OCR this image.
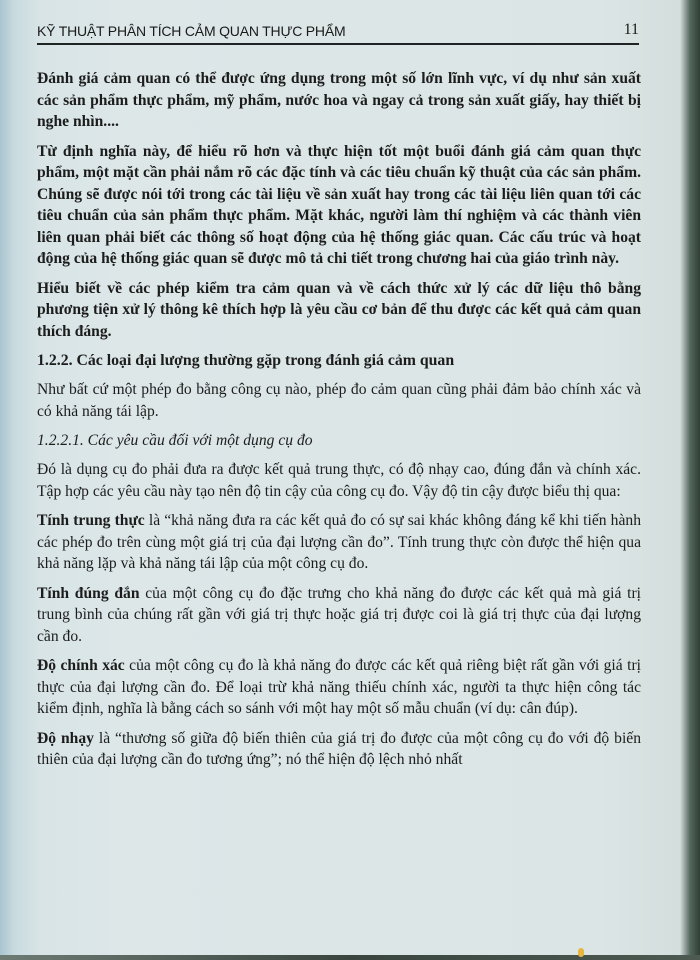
KỸ THUẬT PHÂN TÍCH CẢM QUAN THỰC PHẨM	11

Đánh giá cảm quan có thể được ứng dụng trong một số lớn lĩnh vực, ví dụ như sản xuất các sản phẩm thực phẩm, mỹ phẩm, nước hoa và ngay cả trong sản xuất giấy, hay thiết bị nghe nhìn....

Từ định nghĩa này, để hiểu rõ hơn và thực hiện tốt một buổi đánh giá cảm quan thực phẩm, một mặt cần phải nắm rõ các đặc tính và các tiêu chuẩn kỹ thuật của các sản phẩm. Chúng sẽ được nói tới trong các tài liệu về sản xuất hay trong các tài liệu liên quan tới các tiêu chuẩn của sản phẩm thực phẩm. Mặt khác, người làm thí nghiệm và các thành viên liên quan phải biết các thông số hoạt động của hệ thống giác quan. Các cấu trúc và hoạt động của hệ thống giác quan sẽ được mô tả chi tiết trong chương hai của giáo trình này.

Hiểu biết về các phép kiểm tra cảm quan và về cách thức xử lý các dữ liệu thô bằng phương tiện xử lý thông kê thích hợp là yêu cầu cơ bản để thu được các kết quả cảm quan thích đáng.

1.2.2. Các loại đại lượng thường gặp trong đánh giá cảm quan

Như bất cứ một phép đo bằng công cụ nào, phép đo cảm quan cũng phải đảm bảo chính xác và có khả năng tái lập.

1.2.2.1. Các yêu cầu đối với một dụng cụ đo

Đó là dụng cụ đo phải đưa ra được kết quả trung thực, có độ nhạy cao, đúng đắn và chính xác. Tập hợp các yêu cầu này tạo nên độ tin cậy của công cụ đo. Vậy độ tin cậy được biểu thị qua:

Tính trung thực là “khả năng đưa ra các kết quả đo có sự sai khác không đáng kể khi tiến hành các phép đo trên cùng một giá trị của đại lượng cần đo”. Tính trung thực còn được thể hiện qua khả năng lặp và khả năng tái lập của một công cụ đo.

Tính đúng đắn của một công cụ đo đặc trưng cho khả năng đo được các kết quả mà giá trị trung bình của chúng rất gần với giá trị thực hoặc giá trị được coi là giá trị thực của đại lượng cần đo.

Độ chính xác của một công cụ đo là khả năng đo được các kết quả riêng biệt rất gần với giá trị thực của đại lượng cần đo. Để loại trừ khả năng thiếu chính xác, người ta thực hiện công tác kiểm định, nghĩa là bằng cách so sánh với một hay một số mẫu chuẩn (ví dụ: cân đúp).

Độ nhạy là “thương số giữa độ biến thiên của giá trị đo được của một công cụ đo với độ biến thiên của đại lượng cần đo tương ứng”; nó thể hiện độ lệch nhỏ nhất
